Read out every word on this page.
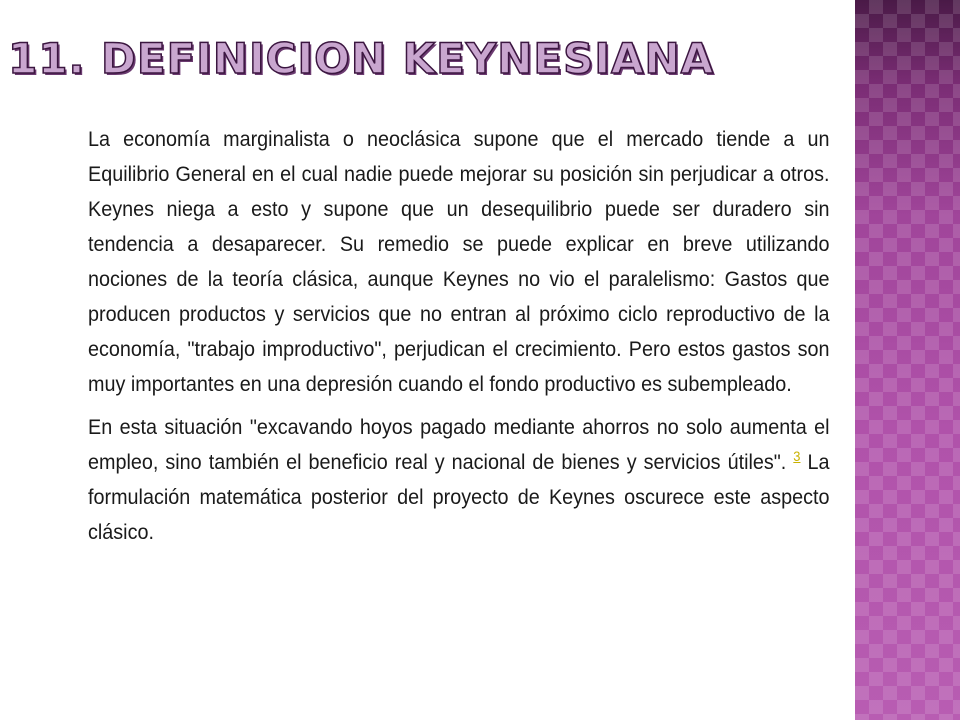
11. DEFINICION KEYNESIANA

La economía marginalista o neoclásica supone que el mercado tiende a un Equilibrio General en el cual nadie puede mejorar su posición sin perjudicar a otros. Keynes niega a esto y supone que un desequilibrio puede ser duradero sin tendencia a desaparecer. Su remedio se puede explicar en breve utilizando nociones de la teoría clásica, aunque Keynes no vio el paralelismo: Gastos que producen productos y servicios que no entran al próximo ciclo reproductivo de la economía, "trabajo improductivo", perjudican el crecimiento. Pero estos gastos son muy importantes en una depresión cuando el fondo productivo es subempleado.

En esta situación "excavando hoyos pagado mediante ahorros no solo aumenta el empleo, sino también el beneficio real y nacional de bienes y servicios útiles". $^3$ La formulación matemática posterior del proyecto de Keynes oscurece este aspecto clásico.
